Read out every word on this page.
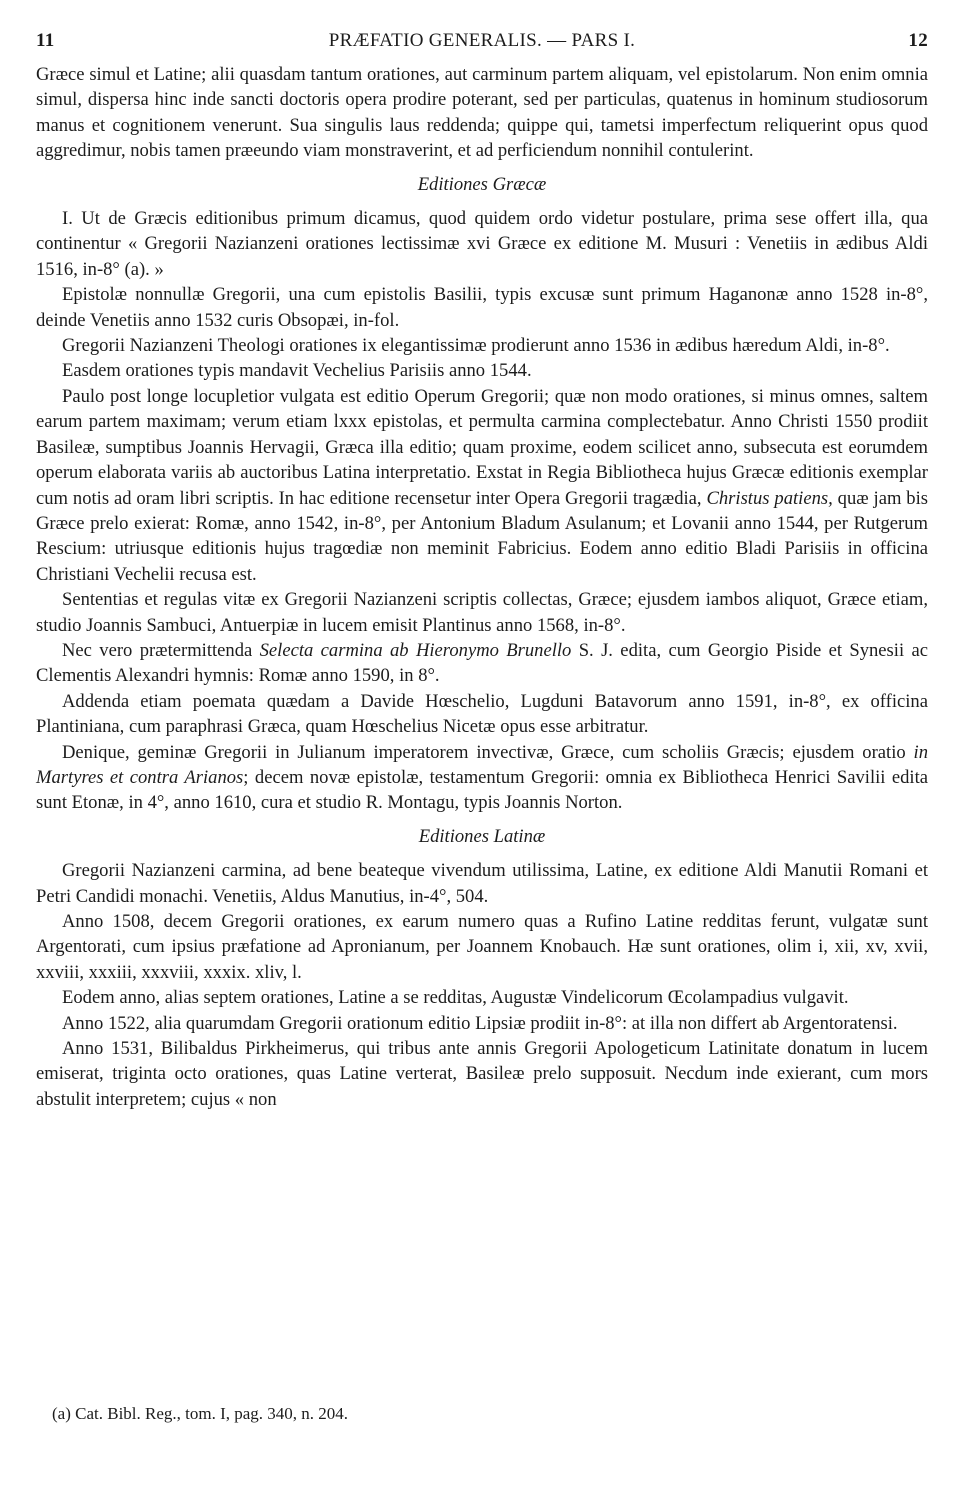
11	PRÆFATIO GENERALIS. — PARS I.	12

Græce simul et Latine; alii quasdam tantum orationes, aut carminum partem aliquam, vel epistolarum. Non enim omnia simul, dispersa hinc inde sancti doctoris opera prodire poterant, sed per particulas, quatenus in hominum studiosorum manus et cognitionem venerunt. Sua singulis laus reddenda; quippe qui, tametsi imperfectum reliquerint opus quod aggredimur, nobis tamen præeundo viam monstraverint, et ad perficiendum nonnihil contulerint.

Editiones Græcæ

I. Ut de Græcis editionibus primum dicamus, quod quidem ordo videtur postulare, prima sese offert illa, qua continentur « Gregorii Nazianzeni orationes lectissimæ xvi Græce ex editione M. Musuri : Venetiis in ædibus Aldi 1516, in-8° (a). »

Epistolæ nonnullæ Gregorii, una cum epistolis Basilii, typis excusæ sunt primum Haganonæ anno 1528 in-8°, deinde Venetiis anno 1532 curis Obsopæi, in-fol.

Gregorii Nazianzeni Theologi orationes ix elegantissimæ prodierunt anno 1536 in ædibus hæredum Aldi, in-8°.

Easdem orationes typis mandavit Vechelius Parisiis anno 1544.

Paulo post longe locupletior vulgata est editio Operum Gregorii; quæ non modo orationes, si minus omnes, saltem earum partem maximam; verum etiam lxxx epistolas, et permulta carmina complectebatur. Anno Christi 1550 prodiit Basileæ, sumptibus Joannis Hervagii, Græca illa editio; quam proxime, eodem scilicet anno, subsecuta est eorumdem operum elaborata variis ab auctoribus Latina interpretatio. Exstat in Regia Bibliotheca hujus Græcæ editionis exemplar cum notis ad oram libri scriptis. In hac editione recensetur inter Opera Gregorii tragædia, Christus patiens, quæ jam bis Græce prelo exierat: Romæ, anno 1542, in-8°, per Antonium Bladum Asulanum; et Lovanii anno 1544, per Rutgerum Rescium: utriusque editionis hujus tragœdiæ non meminit Fabricius. Eodem anno editio Bladi Parisiis in officina Christiani Vechelii recusa est.

Sententias et regulas vitæ ex Gregorii Nazianzeni scriptis collectas, Græce; ejusdem iambos aliquot, Græce etiam, studio Joannis Sambuci, Antuerpiæ in lucem emisit Plantinus anno 1568, in-8°.

Nec vero prætermittenda Selecta carmina ab Hieronymo Brunello S. J. edita, cum Georgio Piside et Synesii ac Clementis Alexandri hymnis: Romæ anno 1590, in 8°.

Addenda etiam poemata quædam a Davide Hœschelio, Lugduni Batavorum anno 1591, in-8°, ex officina Plantiniana, cum paraphrasi Græca, quam Hœschelius Nicetæ opus esse arbitratur.

Denique, geminæ Gregorii in Julianum imperatorem invectivæ, Græce, cum scholiis Græcis; ejusdem oratio in Martyres et contra Arianos; decem novæ epistolæ, testamentum Gregorii: omnia ex Bibliotheca Henrici Savilii edita sunt Etonæ, in 4°, anno 1610, cura et studio R. Montagu, typis Joannis Norton.

Editiones Latinæ

Gregorii Nazianzeni carmina, ad bene beateque vivendum utilissima, Latine, ex editione Aldi Manutii Romani et Petri Candidi monachi. Venetiis, Aldus Manutius, in-4°, 504.

Anno 1508, decem Gregorii orationes, ex earum numero quas a Rufino Latine redditas ferunt, vulgatæ sunt Argentorati, cum ipsius præfatione ad Apronianum, per Joannem Knobauch. Hæ sunt orationes, olim i, xii, xv, xvii, xxviii, xxxiii, xxxviii, xxxix. xliv, l.

Eodem anno, alias septem orationes, Latine a se redditas, Augustæ Vindelicorum Œcolampadius vulgavit.

Anno 1522, alia quarumdam Gregorii orationum editio Lipsiæ prodiit in-8°: at illa non differt ab Argentoratensi.

Anno 1531, Bilibaldus Pirkheimerus, qui tribus ante annis Gregorii Apologeticum Latinitate donatum in lucem emiserat, triginta octo orationes, quas Latine verterat, Basileæ prelo supposuit. Necdum inde exierant, cum mors abstulit interpretem; cujus « non

(a) Cat. Bibl. Reg., tom. I, pag. 340, n. 204.
